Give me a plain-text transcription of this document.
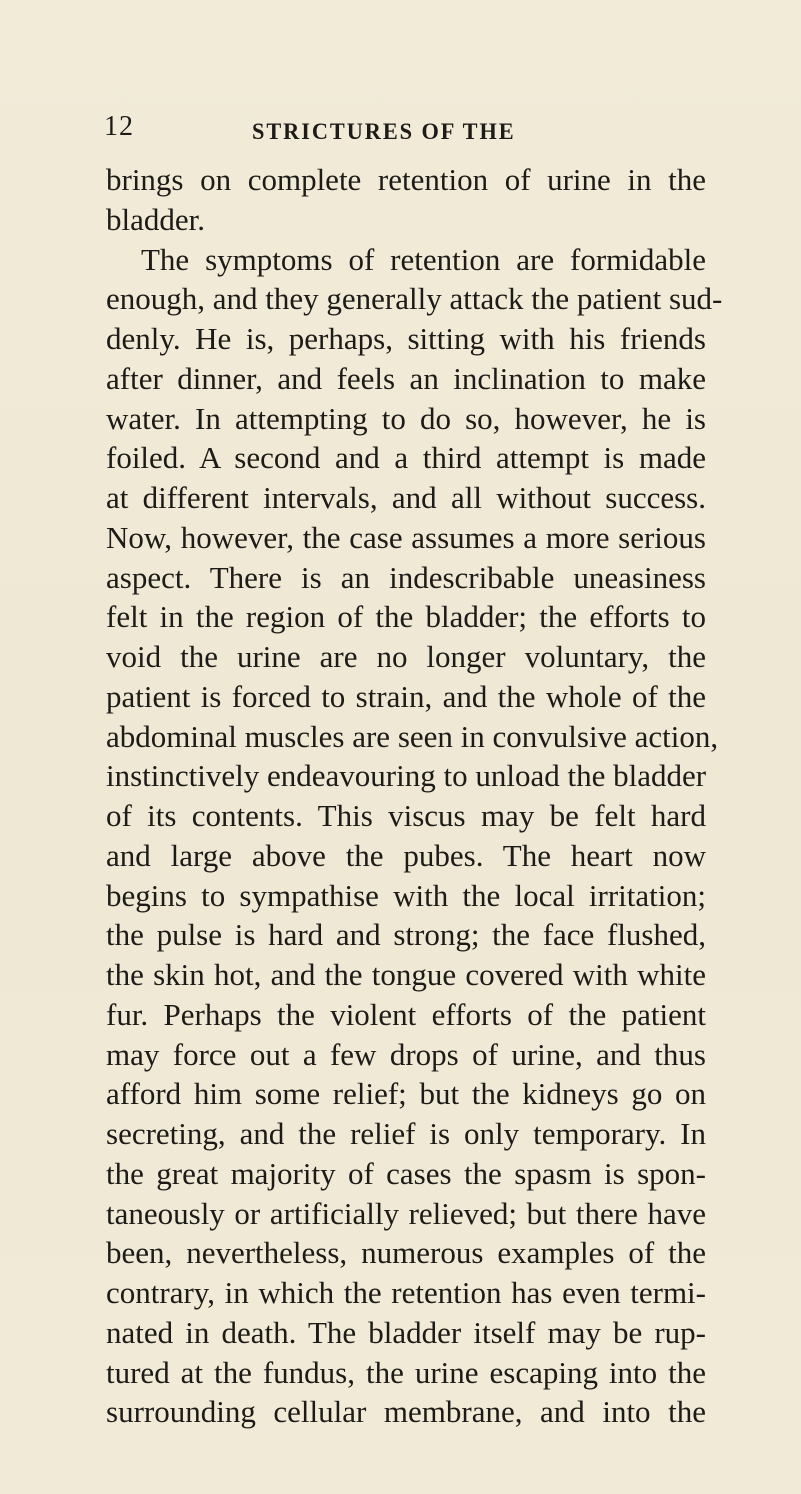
12	STRICTURES OF THE
brings on complete retention of urine in the
bladder.
The symptoms of retention are formidable
enough, and they generally attack the patient sud-
denly. He is, perhaps, sitting with his friends
after dinner, and feels an inclination to make
water. In attempting to do so, however, he is
foiled. A second and a third attempt is made
at different intervals, and all without success.
Now, however, the case assumes a more serious
aspect. There is an indescribable uneasiness
felt in the region of the bladder; the efforts to
void the urine are no longer voluntary, the
patient is forced to strain, and the whole of the
abdominal muscles are seen in convulsive action,
instinctively endeavouring to unload the bladder
of its contents. This viscus may be felt hard
and large above the pubes. The heart now
begins to sympathise with the local irritation;
the pulse is hard and strong; the face flushed,
the skin hot, and the tongue covered with white
fur. Perhaps the violent efforts of the patient
may force out a few drops of urine, and thus
afford him some relief; but the kidneys go on
secreting, and the relief is only temporary. In
the great majority of cases the spasm is spon-
taneously or artificially relieved; but there have
been, nevertheless, numerous examples of the
contrary, in which the retention has even termi-
nated in death. The bladder itself may be rup-
tured at the fundus, the urine escaping into the
surrounding cellular membrane, and into the
